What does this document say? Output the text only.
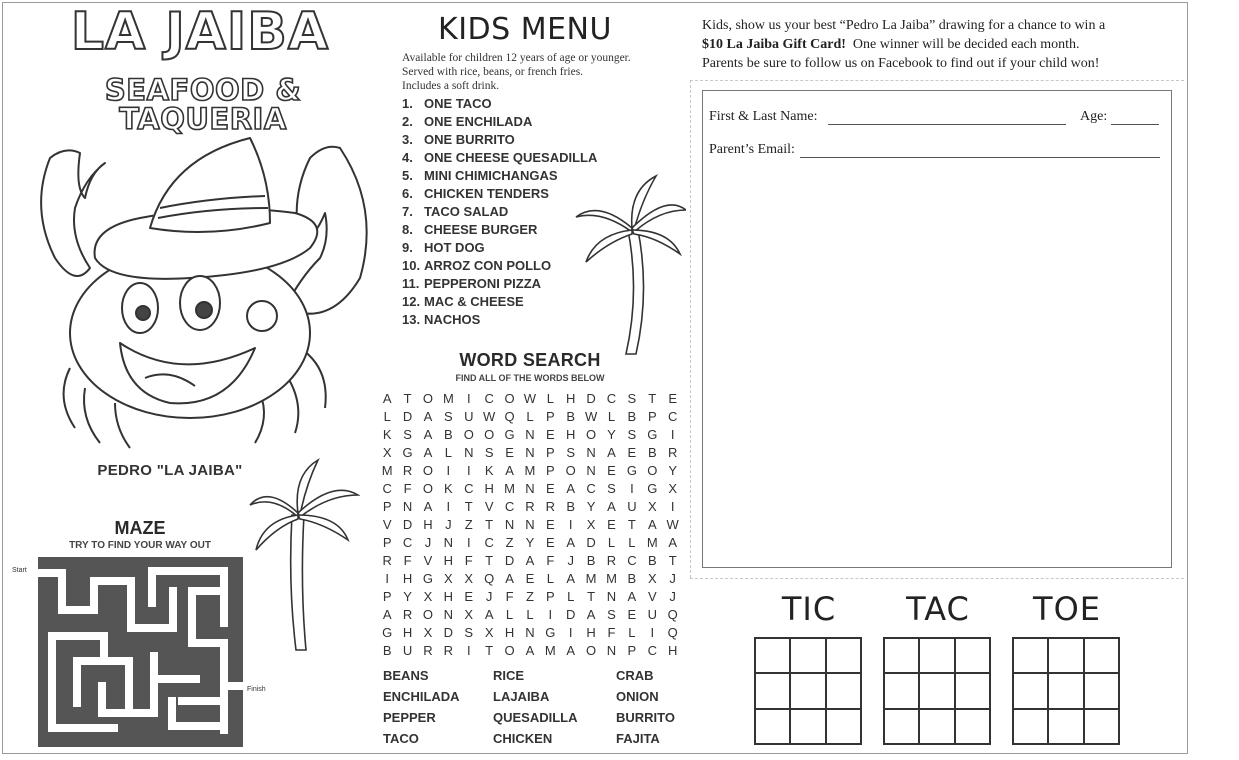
LA JAIBA
SEAFOOD & TAQUERIA
PEDRO "LA JAIBA"
MAZE
TRY TO FIND YOUR WAY OUT
Start
Finish
KIDS MENU
Available for children 12 years of age or younger.
Served with rice, beans, or french fries.
Includes a soft drink.
1. ONE TACO
2. ONE ENCHILADA
3. ONE BURRITO
4. ONE CHEESE QUESADILLA
5. MINI CHIMICHANGAS
6. CHICKEN TENDERS
7. TACO SALAD
8. CHEESE BURGER
9. HOT DOG
10. ARROZ CON POLLO
11. PEPPERONI PIZZA
12. MAC & CHEESE
13. NACHOS
WORD SEARCH
FIND ALL OF THE WORDS BELOW
A T O M	I	C O W L H D C S T E
L D A S U W Q L P B W L B P C
K S A B O O G N E H O Y S G	I
X G A L N S E N P S N A E B R
M R O	I	I	K A M P O N E G O Y
C F O K C H M N E A C S	I	G X
P N A	I	T V C R R B Y A U X	I
V D H J	Z T N N E	I	X E T A W
P C J N	I	C Z Y E A D L	L M A
R F V H F T D A F	J B R C B T
I	H G X X Q A E L A M M B X J
P Y X H E J	F Z P L T N A V J
A R O N X A L	L	I	D A S E U Q
G H X D S X H N G	I	H F L	I	Q
B U R R	I	T O A M A O N P C H
BEANS	RICE	CRAB
ENCHILADA	LAJAIBA	ONION
PEPPER	QUESADILLA	BURRITO
TACO	CHICKEN	FAJITA
Kids, show us your best “Pedro La Jaiba” drawing for a chance to win a
$10 La Jaiba Gift Card! One winner will be decided each month.
Parents be sure to follow us on Facebook to find out if your child won!
First & Last Name:	Age:
Parent’s Email:
TIC	TAC	TOE
